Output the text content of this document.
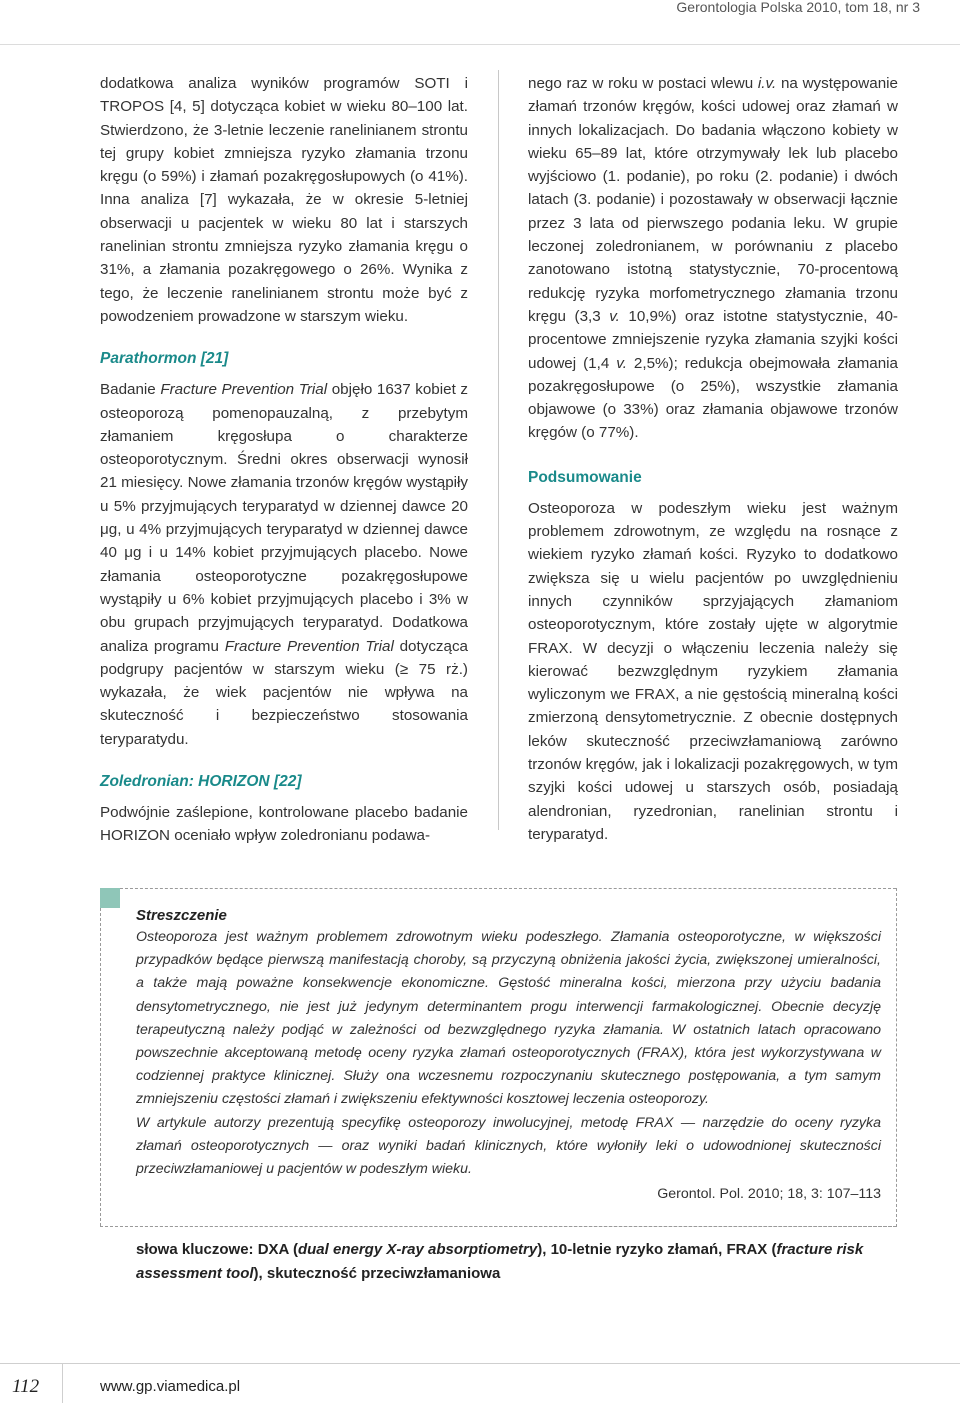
Gerontologia Polska 2010, tom 18, nr 3

dodatkowa analiza wyników programów SOTI i TROPOS [4, 5] dotycząca kobiet w wieku 80–100 lat. Stwierdzono, że 3-letnie leczenie ranelinianem strontu tej grupy kobiet zmniejsza ryzyko złamania trzonu kręgu (o 59%) i złamań pozakręgosłupowych (o 41%). Inna analiza [7] wykazała, że w okresie 5-letniej obserwacji u pacjentek w wieku 80 lat i starszych ranelinian strontu zmniejsza ryzyko złamania kręgu o 31%, a złamania pozakręgowego o 26%. Wynika z tego, że leczenie ranelinianem strontu może być z powodzeniem prowadzone w starszym wieku.

Parathormon [21]

Badanie Fracture Prevention Trial objęło 1637 kobiet z osteoporozą pomenopauzalną, z przebytym złamaniem kręgosłupa o charakterze osteoporotycznym. Średni okres obserwacji wynosił 21 miesięcy. Nowe złamania trzonów kręgów wystąpiły u 5% przyjmujących teryparatyd w dziennej dawce 20 μg, u 4% przyjmujących teryparatyd w dziennej dawce 40 μg i u 14% kobiet przyjmujących placebo. Nowe złamania osteoporotyczne pozakręgosłupowe wystąpiły u 6% kobiet przyjmujących placebo i 3% w obu grupach przyjmujących teryparatyd. Dodatkowa analiza programu Fracture Prevention Trial dotycząca podgrupy pacjentów w starszym wieku (≥ 75 rż.) wykazała, że wiek pacjentów nie wpływa na skuteczność i bezpieczeństwo stosowania teryparatydu.

Zoledronian: HORIZON [22]

Podwójnie zaślepione, kontrolowane placebo badanie HORIZON oceniało wpływ zoledronianu podawa-

nego raz w roku w postaci wlewu i.v. na występowanie złamań trzonów kręgów, kości udowej oraz złamań w innych lokalizacjach. Do badania włączono kobiety w wieku 65–89 lat, które otrzymywały lek lub placebo wyjściowo (1. podanie), po roku (2. podanie) i dwóch latach (3. podanie) i pozostawały w obserwacji łącznie przez 3 lata od pierwszego podania leku. W grupie leczonej zoledronianem, w porównaniu z placebo zanotowano istotną statystycznie, 70-procentową redukcję ryzyka morfometrycznego złamania trzonu kręgu (3,3 v. 10,9%) oraz istotne statystycznie, 40-procentowe zmniejszenie ryzyka złamania szyjki kości udowej (1,4 v. 2,5%); redukcja obejmowała złamania pozakręgosłupowe (o 25%), wszystkie złamania objawowe (o 33%) oraz złamania objawowe trzonów kręgów (o 77%).

Podsumowanie

Osteoporoza w podeszłym wieku jest ważnym problemem zdrowotnym, ze względu na rosnące z wiekiem ryzyko złamań kości. Ryzyko to dodatkowo zwiększa się u wielu pacjentów po uwzględnieniu innych czynników sprzyjających złamaniom osteoporotycznym, które zostały ujęte w algorytmie FRAX. W decyzji o włączeniu leczenia należy się kierować bezwzględnym ryzykiem złamania wyliczonym we FRAX, a nie gęstością mineralną kości zmierzoną densytometrycznie. Z obecnie dostępnych leków skuteczność przeciwzłamaniową zarówno trzonów kręgów, jak i lokalizacji pozakręgowych, w tym szyjki kości udowej u starszych osób, posiadają alendronian, ryzedronian, ranelinian strontu i teryparatyd.

Streszczenie

Osteoporoza jest ważnym problemem zdrowotnym wieku podeszłego. Złamania osteoporotyczne, w większości przypadków będące pierwszą manifestacją choroby, są przyczyną obniżenia jakości życia, zwiększonej umieralności, a także mają poważne konsekwencje ekonomiczne. Gęstość mineralna kości, mierzona przy użyciu badania densytometrycznego, nie jest już jedynym determinantem progu interwencji farmakologicznej. Obecnie decyzję terapeutyczną należy podjąć w zależności od bezwzględnego ryzyka złamania. W ostatnich latach opracowano powszechnie akceptowaną metodę oceny ryzyka złamań osteoporotycznych (FRAX), która jest wykorzystywana w codziennej praktyce klinicznej. Służy ona wczesnemu rozpoczynaniu skutecznego postępowania, a tym samym zmniejszeniu częstości złamań i zwiększeniu efektywności kosztowej leczenia osteoporozy.

W artykule autorzy prezentują specyfikę osteoporozy inwolucyjnej, metodę FRAX — narzędzie do oceny ryzyka złamań osteoporotycznych — oraz wyniki badań klinicznych, które wyłoniły leki o udowodnionej skuteczności przeciwzłamaniowej u pacjentów w podeszłym wieku.

Gerontol. Pol. 2010; 18, 3: 107–113

słowa kluczowe: DXA (dual energy X-ray absorptiometry), 10-letnie ryzyko złamań, FRAX (fracture risk assessment tool), skuteczność przeciwzłamaniowa
112	www.gp.viamedica.pl
